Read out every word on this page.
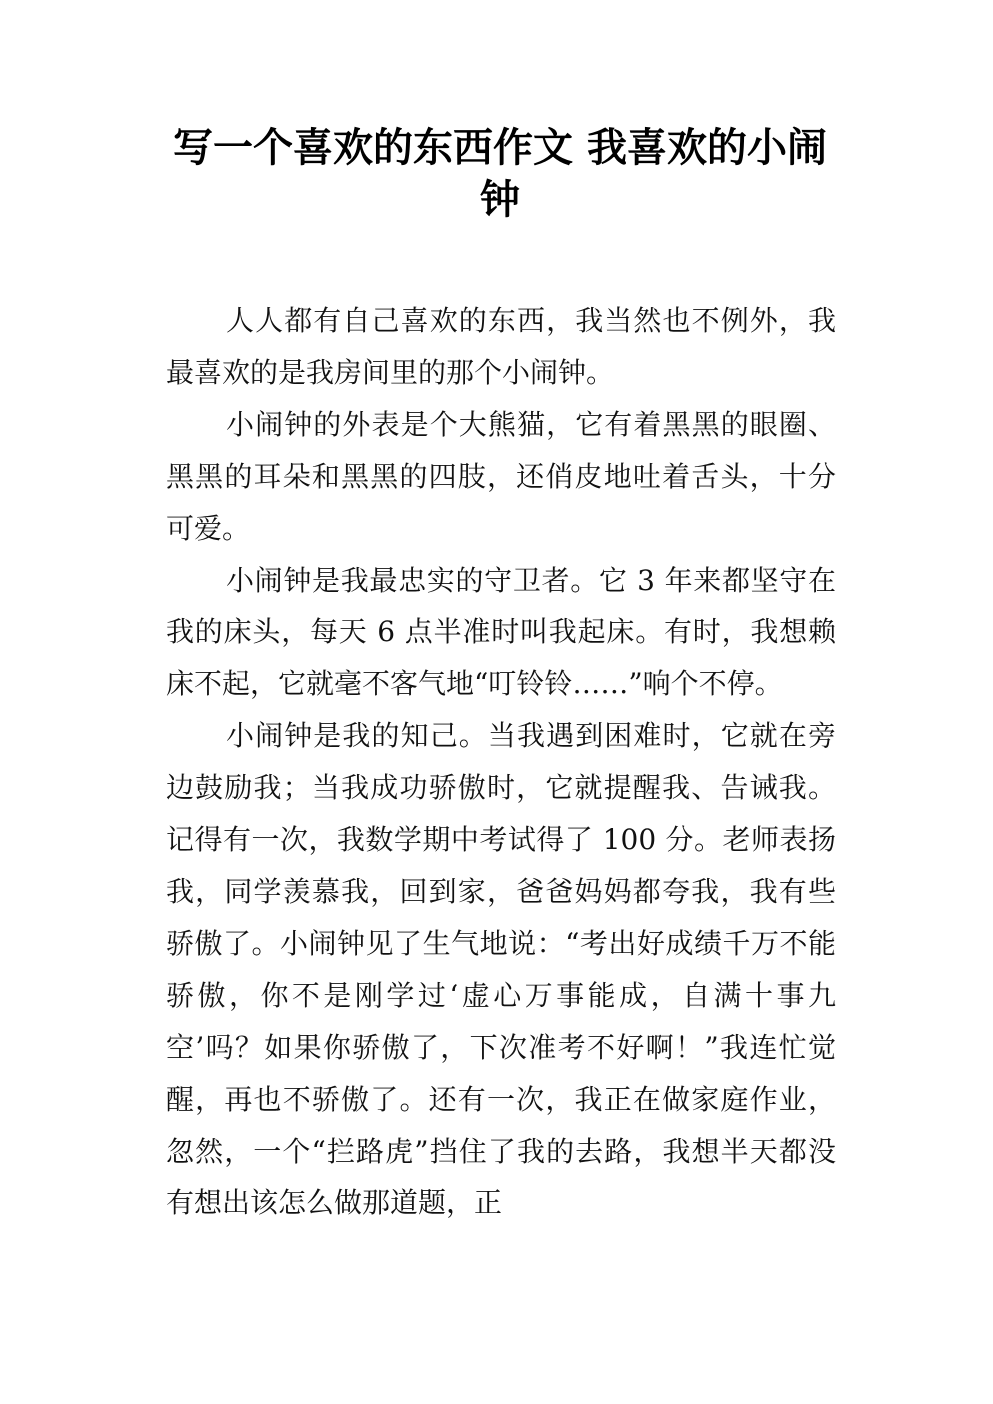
写一个喜欢的东西作文 我喜欢的小闹钟

人人都有自己喜欢的东西，我当然也不例外，我最喜欢的是我房间里的那个小闹钟。

小闹钟的外表是个大熊猫，它有着黑黑的眼圈、黑黑的耳朵和黑黑的四肢，还俏皮地吐着舌头，十分可爱。

小闹钟是我最忠实的守卫者。它 3 年来都坚守在我的床头，每天 6 点半准时叫我起床。有时，我想赖床不起，它就毫不客气地“叮铃铃……”响个不停。

小闹钟是我的知己。当我遇到困难时，它就在旁边鼓励我；当我成功骄傲时，它就提醒我、告诫我。记得有一次，我数学期中考试得了 100 分。老师表扬我，同学羡慕我，回到家，爸爸妈妈都夸我，我有些骄傲了。小闹钟见了生气地说：“考出好成绩千万不能骄傲，你不是刚学过‘虚心万事能成，自满十事九空’吗？如果你骄傲了，下次准考不好啊！”我连忙觉醒，再也不骄傲了。还有一次，我正在做家庭作业，忽然，一个“拦路虎”挡住了我的去路，我想半天都没有想出该怎么做那道题，正
